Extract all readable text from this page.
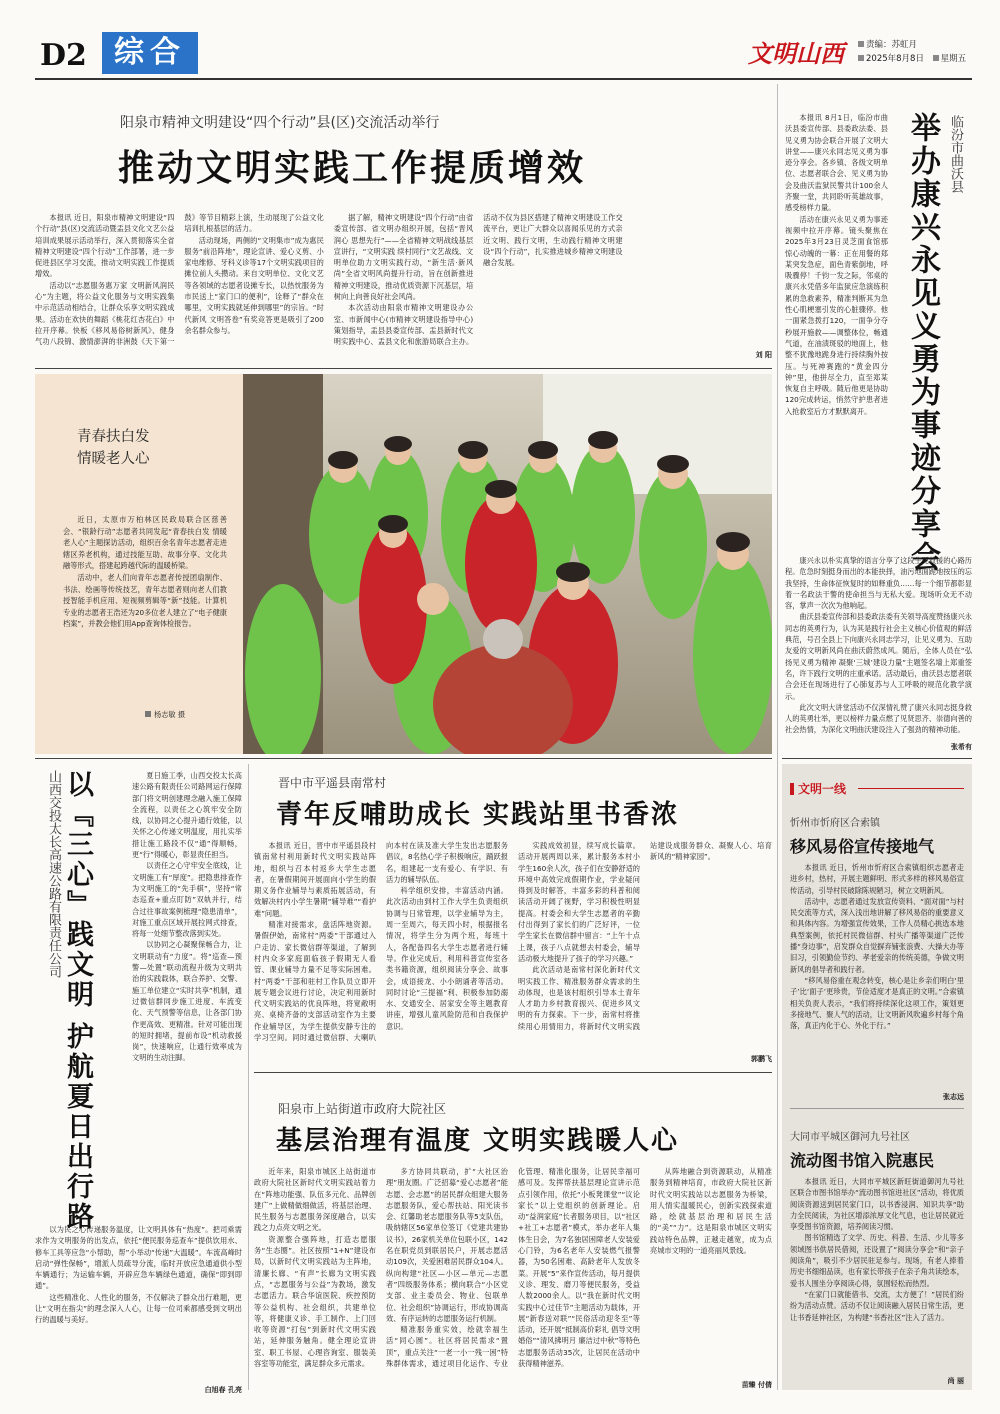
D2 综合	文明山西	责编：苏虹月
2025年8月8日 星期五
阳泉市精神文明建设“四个行动”县(区)交流活动举行
推动文明实践工作提质增效

本报讯 近日，阳泉市精神文明建设“四个行动”县(区)交流活动暨盂县文化文艺公益培训成果展示活动举行，深入贯彻落实全省精神文明建设“四个行动”工作部署，进一步促进县区学习交流，推动文明实践工作提质增效。

活动以“志愿服务惠万家 文明新风润民心”为主题，将公益文化服务与文明实践集中示范活动相结合，让群众乐享文明实践成果。活动在欢快的舞蹈《桃花红杏花白》中拉开序幕。快板《移风易俗树新风》、健身气功八段锦、激情澎湃的非洲鼓《天下第一鼓》等节目精彩上演，生动展现了公益文化培训扎根基层的活力。

活动现场，两侧的“文明集市”成为惠民服务“前沿阵地”，理论宣讲、爱心义剪、小家电维修、牙科义诊等17个文明实践项目的摊位前人头攒动。来自文明单位、文化文艺等各领域的志愿者设摊专长，以热忱服务为市民送上“家门口的便利”，诠释了“群众在哪里，文明实践就延伸到哪里”的宗旨。“时代新风 文明答卷”有奖竞答更是吸引了200余名群众参与。

据了解，精神文明建设“四个行动”由省委宣传部、省文明办组织开展，包括“晋风润心 思想先行”——全省精神文明战线基层宣讲行，“文明实践 续村同行”文艺战线、文明单位助力文明实践行动，“新生活·新风尚”全省文明风尚提升行动，旨在创新推进精神文明建设，推动优质资源下沉基层，培树向上向善良好社会风尚。

本次活动由阳泉市精神文明建设办公室、市新闻中心(市精神文明建设指导中心)策划指导，盂县县委宣传部、盂县新时代文明实践中心、盂县文化和旅游局联合主办。活动不仅为县区搭建了精神文明建设工作交流平台，更让广大群众以喜闻乐见的方式亲近文明、践行文明，生动践行精神文明建设“四个行动”，扎实推进城乡精神文明建设融合发展。

刘 阳
青春扶白发
情暖老人心

近日，太原市万柏林区民政局联合区慈善会、“银龄行动”志愿者共同发起“青春扶白发 情暖老人心”主题探访活动，组织百余名青年志愿者走进辖区养老机构，通过技能互助、故事分享、文化共融等形式，搭建起跨越代际的温暖桥梁。

活动中，老人们向青年志愿者传授团扇制作、书法、绘画等传统技艺，青年志愿者则向老人们教授智能手机应用、短视频剪辑等“新”技能。计算机专业的志愿者王浩还为20多位老人建立了“电子健康档案”，并教会他们用App查询体检报告。

杨志敏 摄
临汾市曲沃县
举办康兴永见义勇为事迹分享会

本报讯 8月1日，临汾市曲沃县委宣传部、县委政法委、县见义勇为协会联合开展了文明大讲堂——康兴永同志见义勇为事迹分享会。各乡镇、各级文明单位、志愿者联合会、见义勇为协会及曲沃监狱民警共计100余人齐聚一堂，共同聆听英雄故事，感受榜样力量。

活动在康兴永见义勇为事迹视频中拉开序幕。镜头聚焦在2025年3月23日灵芝面食馆那惊心动魄的一幕：正在用餐的郑某突发急症，面色青紫倒地，呼吸骤停！千钧一发之际，邻桌的康兴永凭借多年监狱应急演练积累的急救素养，精准判断其为急性心肌梗塞引发的心脏骤停。他一面紧急拨打120，一面争分夺秒展开施救——调整体位，畅通气道，在油渍斑驳的地面上，他整不犹豫地跪身进行持续胸外按压。与死神赛跑的“黄金四分钟”里，他拼尽全力，直至郑某恢复自主呼吸。随后他更是协助120完成转运，悄然守护患者进入抢救室后方才默默离开。

康兴永以朴实真挚的语言分享了这段生死救援的心路历程。危急时刻挺身而出的本能抉择，油污地面跪地按压的忘我坚持，生命体征恢复时的如释重负……每一个细节都彰显着一名政法干警的使命担当与无私大爱。现场听众无不动容，掌声一次次为他响起。

曲沃县委宣传部和县委政法委有关领导高度赞扬康兴永同志的英勇行为，认为其是践行社会主义核心价值观的鲜活典范，号召全县上下向康兴永同志学习，让见义勇为、互助友爱的文明新风尚在曲沃蔚然成风。随后，全体人员在“弘扬见义勇为精神 凝聚‘三城’建设力量”主题签名墙上郑重签名，许下践行文明的庄重承诺。活动最后，曲沃县志愿者联合会还在现场进行了心肺复苏与人工呼吸的规范化教学演示。

此次文明大讲堂活动不仅深情礼赞了康兴永同志挺身救人的英勇壮举，更以榜样力量点燃了见贤思齐、崇德向善的社会热情，为深化文明曲沃建设注入了强劲的精神动能。

张希有
山西交投太长高速公路有限责任公司 以『三心』践文明 护航夏日出行路	夏日施工季，山西交投太长高速公路有限责任公司路网运行保障部门将文明创建理念融入施工保障全流程，以责任之心筑牢安全防线，以协同之心提升通行效能，以关怀之心传递文明温度，用扎实举措让施工路段不仅“通”得顺畅，更“行”得暖心，彰显责任担当。

以责任之心守牢安全底线，让文明施工有“厚度”。把隐患排查作为文明施工的“先手棋”，坚持“常态巡查+重点盯防”双轨并行，结合过往事故案例梳理“隐患清单”，对施工重点区域开展拉网式排查，将每一处细节整改落到实处。

以协同之心凝聚保畅合力，让文明联动有“力度”。将“巡查—预警—处置”联动流程升级为文明共治的实践载体，联合养护、交警、施工单位建立“实时共享”机制，通过微信群同步施工进度、车流变化、天气预警等信息，让各部门协作更高效、更精准。针对可能出现的短时拥堵，提前布设“机动救援岗”，快速响应，让通行效率成为文明的生动注脚。

以为民之心传递服务温度，让文明具体有“热度”。把司乘需求作为文明服务的出发点，依托“便民服务巡查车”提供饮用水、修车工具等应急“小帮助，帮”小举动“传递”大温暖”。车流高峰时启动“弹性保畅”，增派人员疏导分流，临时开放应急通道供小型车辆通行；为运输车辆，开辟应急车辆绿色通道，确保“即到即通”。

这些精准化、人性化的服务，不仅解决了群众出行难题，更让“文明在指尖”的理念深入人心，让每一位司乘都感受到文明出行的温暖与美好。

白旭春 孔亮
晋中市平遥县南常村
青年反哺助成长 实践站里书香浓

本报讯 近日，晋中市平遥县段村镇南常村利用新时代文明实践站阵地，组织与召本村返乡大学生志愿者，在暑假期间开展面向小学生的假期义务作业辅导与素质拓展活动，有效解决村内小学生暑期“辅导难”“看护难”问题。

精准对接需求，盘活阵地资源。暑假伊始，南常村“两委”干部通过入户走访、家长微信群等渠道，了解到村内众多家庭面临孩子假期无人看管、课业辅导力量不足等实际困难。村“两委”干部和驻村工作队员立即开展专题会议进行讨论，决定利用新时代文明实践站的优良阵地，将宽敞明亮、桌椅齐备的支部活动室作为主要作业辅导区，为学生提供安静专注的学习空间。同时通过微信群、大喇叭向本村在读及准大学生发出志愿服务倡议，8名热心学子积极响应，踊跃报名，组建起一支有爱心、有学识、有活力的辅导队伍。

科学组织安排，丰富活动内涵。此次活动由到村工作大学生负责组织协调与日常管理，以学业辅导为主，周一至周六，每天四小时，根据报名情况，将学生分为两个班，每班十人，各配备四名大学生志愿者进行辅导。作业完成后，利用科普宣传室各类书籍资源，组织阅读分享会、故事会，成语接龙、小小朗诵者等活动。同时讨论“三提福”利、积极参加防溺水、交通安全、居家安全等主题教育讲座，增强儿童风险防范和自我保护意识。

实践成效初显，续写成长篇章。活动开展两周以来，累计服务本村小学生160余人次，孩子们在安静舒适的环境中高效完成假期作业，学业疑问得到及时解答，丰富多彩的科普和阅读活动开阔了视野，学习积极性明显提高。村委会和大学生志愿者的辛勤付出得到了家长们的广泛好评，一位学生家长在微信群中留言：“上午十点上课，孩子八点就想去村委会，辅导活动极大地提升了孩子的学习兴趣。”

此次活动是南常村深化新时代文明实践工作、精准服务群众需求的生动体现，也是该村组织引导本土青年人才助力乡村教育振兴、促进乡风文明的有力探索。下一步，南常村将推续用心用情用力，将新时代文明实践站建设成服务群众、凝聚人心、培育新风的“精神家园”。

郭鹏飞
阳泉市上站街道市政府大院社区
基层治理有温度 文明实践暖人心

近年来，阳泉市城区上站街道市政府大院社区新时代文明实践站着力在“阵地功能强、队伍多元化、品牌创建广”上做精做细做活，将基层治理、民生服务与志愿服务深度融合，以实践之力点亮文明之光。

资源整合强阵地，打造志愿服务“生态圈”。社区按照“1+N”建设布局，以新时代文明实践站为主阵地，清廉长廊、“有声”长廊为文明实践点，“志愿服务与公益”为教场，激发志愿活力。联合华谊医院、疾控预防等公益机构、社会组织，共建单位等，将健康义诊、手工制作、上门回收等资源“打包”到新时代文明实践站，延伸服务触角。健全理论宣讲室、职工书屋、心理咨询室、服装美容室等功能室，满足群众多元需求。

多方协同共联动，扩“大社区治理”朋友圈。广泛招募“爱心志愿者”能志愿、会志愿”的居民群众组建大服务志愿服务队，爱心帮扶站、阳光读书会、红馨助老志愿服务队等5支队伍，吸纳辖区56家单位签订《党建共建协议书》，26家机关单位包联小区，142名在职党员到联居民户，开展志愿活动109次，关爱困难居民群众104人。纵向构建“社区—小区—单元—志愿者”四级服务体系；横向联合“小区党支部、业主委员会、物业、包联单位、社会组织”协调运行，形成协调高效、有序运转的志愿服务运行机制。

精准服务重实效，绘就幸福生活“同心圆”。社区将居民需求“置顶”，重点关注“一老一小一残一困”特殊群体需求，通过项目化运作、专业化管理、精准化服务，让居民幸福可感可及。发挥帮扶基层理论宣讲示范点引领作用，依托“小板凳课堂”“议论家长”以上党组织的创新理论。启动“益润家庭”长者服务项目，以“社区+社工+志愿者”模式，举办老年人集体生日会，为7名独居困障老人安装爱心门铃，为6名老年人安装燃气报警器，为50名困难、高龄老年人发放冬菜。开展“5”来作宣传活动，每月提供义诊、理发、磨刀等便民服务，受益人数2000余人。以“我在新时代文明实践中心过佳节”主题活动为载体，开展“新春送对联”“民俗活动迎冬至”等活动，还开展“抵制高价彩礼 倡导文明婚俗”“清风拂明月 廉洁过中秋”等特色志愿服务活动35次，让居民在活动中获得精神滋养。

从阵地融合到资源联动，从精准服务到精神培育，市政府大院社区新时代文明实践站以志愿服务为桥梁，用人情实温暖民心，创新实践探索道路，绘就基层治理和居民生活的“美”“力”。这是阳泉市城区文明实践站特色品牌，正越走越宽，成为点亮城市文明的一道亮丽风景线。

苗臻 付倩
文明一线
忻州市忻府区合索镇
移风易俗宣传接地气

本报讯 近日，忻州市忻府区合索镇组织志愿者走进乡村，热村，开展主题鲜明、形式多样的移风易俗宣传活动，引导村民破除陈规陋习，树立文明新风。

活动中，志愿者通过发放宣传资料、“面对面”与村民交流等方式，深入浅出地讲解了移风易俗的重要意义和具体内容。为增强宣传效果，工作人员精心挑选本地典型案例，依托村民微信群、村头广播等渠道广泛传播“身边事”，启发群众自觉摒弃铺张浪费、大操大办等旧习，引领勤俭节约、孝老爱亲的传统美德，争做文明新风的倡导者和践行者。

“移风易俗重在观念转变，核心是让乡亲们明白‘里子’比‘面子’更珍贵，节俭适度才是真正的文明。”合索镇相关负责人表示，“我们将持续深化这项工作，策划更多接地气、聚人气的活动，让文明新风吹遍乡村每个角落，真正内化于心、外化于行。”

张志远
大同市平城区御河九号社区
流动图书馆入院惠民

本报讯 近日，大同市平城区新旺街道御河九号社区联合市图书馆举办“流动图书馆进社区”活动，将优质阅读资源送到居民家门口，以书香浸润、知识共享“助力全民阅读，为社区增添浓厚文化气息，也让居民就近享受图书馆资源，培养阅读习惯。

图书馆精选了文学、历史、科普、生活、少儿等多领域图书供居民借阅，还设置了“阅读分享会”和“亲子阅读角”，吸引不少居民驻足参与。现场，有老人捧着历史书细细品读，也有家长带孩子在亲子角共读绘本，爱书人围坐分享阅读心得，氛围轻松而热烈。

“在家门口就能借书、交流，太方便了！”居民们纷纷为活动点赞。活动不仅让阅读融入居民日常生活，更让书香延伸社区，为构建“书香社区”注入了活力。

尚 丽
